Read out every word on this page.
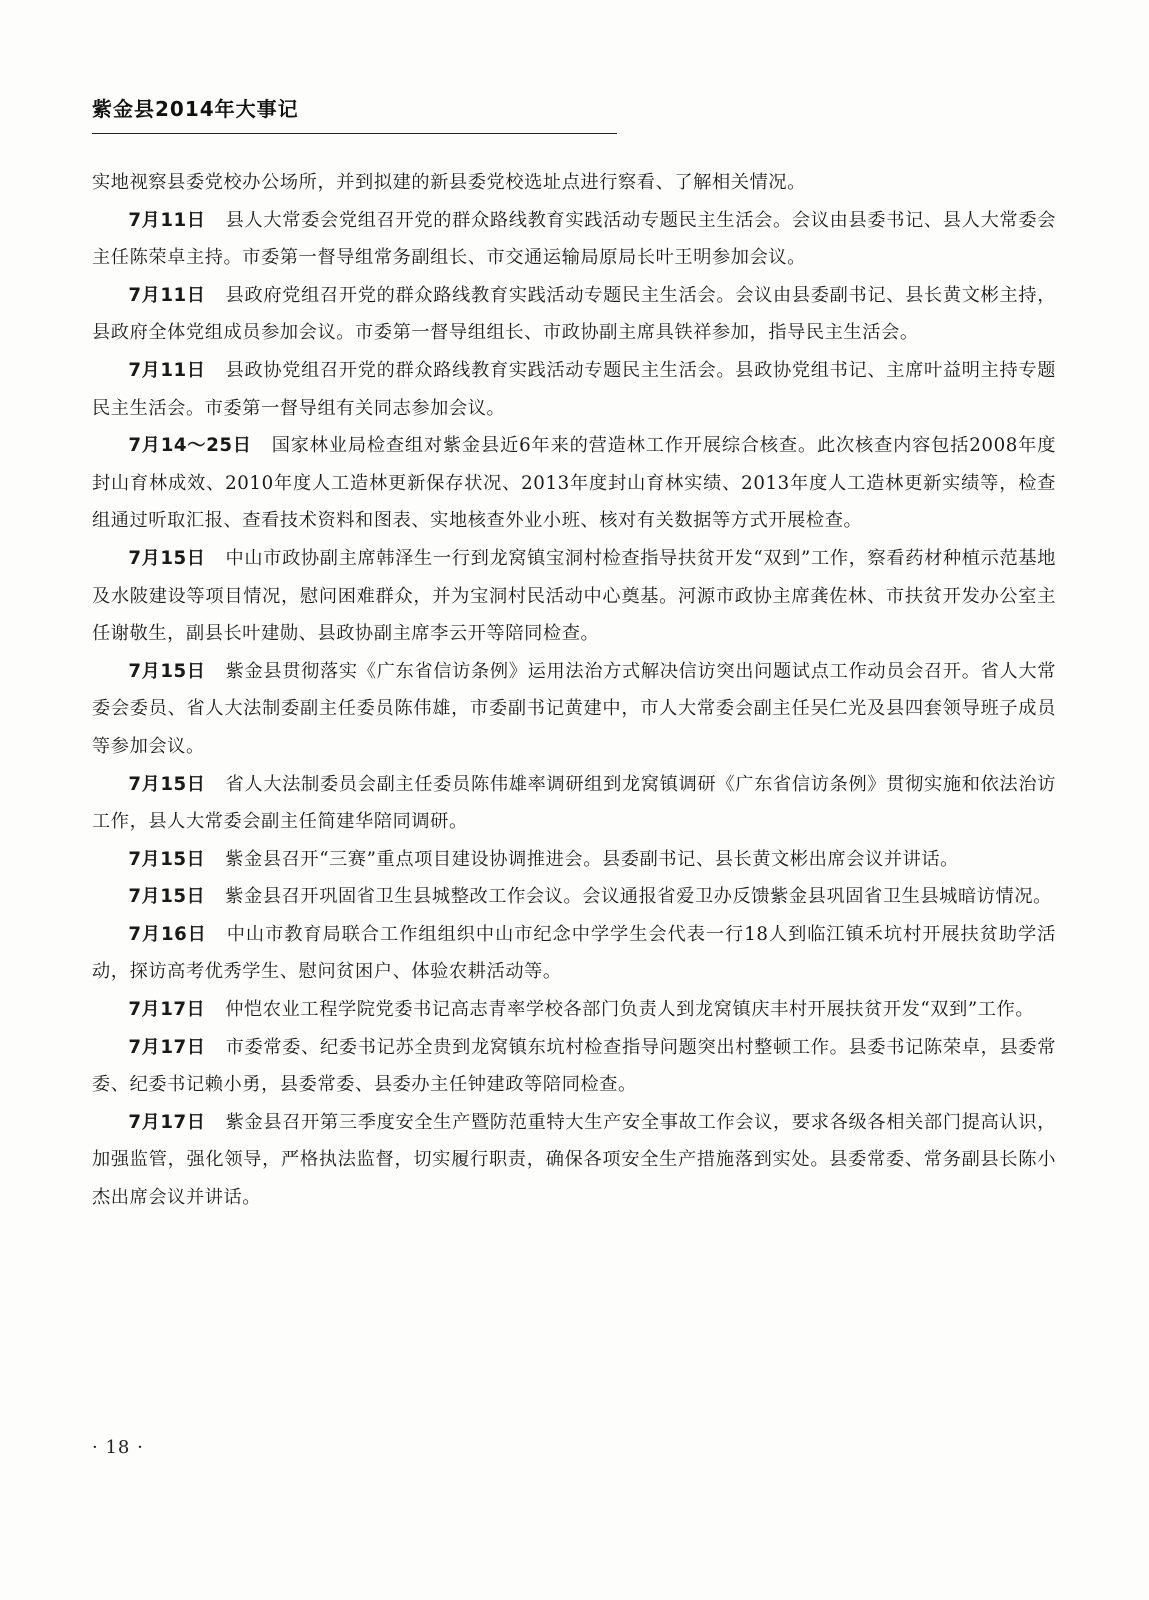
紫金县2014年大事记

实地视察县委党校办公场所，并到拟建的新县委党校选址点进行察看、了解相关情况。

7月11日 县人大常委会党组召开党的群众路线教育实践活动专题民主生活会。会议由县委书记、县人大常委会主任陈荣卓主持。市委第一督导组常务副组长、市交通运输局原局长叶王明参加会议。

7月11日 县政府党组召开党的群众路线教育实践活动专题民主生活会。会议由县委副书记、县长黄文彬主持，县政府全体党组成员参加会议。市委第一督导组组长、市政协副主席具铁祥参加，指导民主生活会。

7月11日 县政协党组召开党的群众路线教育实践活动专题民主生活会。县政协党组书记、主席叶益明主持专题民主生活会。市委第一督导组有关同志参加会议。

7月14～25日 国家林业局检查组对紫金县近6年来的营造林工作开展综合核查。此次核查内容包括2008年度封山育林成效、2010年度人工造林更新保存状况、2013年度封山育林实绩、2013年度人工造林更新实绩等，检查组通过听取汇报、查看技术资料和图表、实地核查外业小班、核对有关数据等方式开展检查。

7月15日 中山市政协副主席韩泽生一行到龙窝镇宝洞村检查指导扶贫开发“双到”工作，察看药材种植示范基地及水陂建设等项目情况，慰问困难群众，并为宝洞村民活动中心奠基。河源市政协主席龚佐林、市扶贫开发办公室主任谢敬生，副县长叶建勋、县政协副主席李云开等陪同检查。

7月15日 紫金县贯彻落实《广东省信访条例》运用法治方式解决信访突出问题试点工作动员会召开。省人大常委会委员、省人大法制委副主任委员陈伟雄，市委副书记黄建中，市人大常委会副主任吴仁光及县四套领导班子成员等参加会议。

7月15日 省人大法制委员会副主任委员陈伟雄率调研组到龙窝镇调研《广东省信访条例》贯彻实施和依法治访工作，县人大常委会副主任简建华陪同调研。

7月15日 紫金县召开“三赛”重点项目建设协调推进会。县委副书记、县长黄文彬出席会议并讲话。

7月15日 紫金县召开巩固省卫生县城整改工作会议。会议通报省爱卫办反馈紫金县巩固省卫生县城暗访情况。

7月16日 中山市教育局联合工作组组织中山市纪念中学学生会代表一行18人到临江镇禾坑村开展扶贫助学活动，探访高考优秀学生、慰问贫困户、体验农耕活动等。

7月17日 仲恺农业工程学院党委书记高志青率学校各部门负责人到龙窝镇庆丰村开展扶贫开发“双到”工作。

7月17日 市委常委、纪委书记苏全贵到龙窝镇东坑村检查指导问题突出村整顿工作。县委书记陈荣卓，县委常委、纪委书记赖小勇，县委常委、县委办主任钟建政等陪同检查。

7月17日 紫金县召开第三季度安全生产暨防范重特大生产安全事故工作会议，要求各级各相关部门提高认识，加强监管，强化领导，严格执法监督，切实履行职责，确保各项安全生产措施落到实处。县委常委、常务副县长陈小杰出席会议并讲话。

· 18 ·
